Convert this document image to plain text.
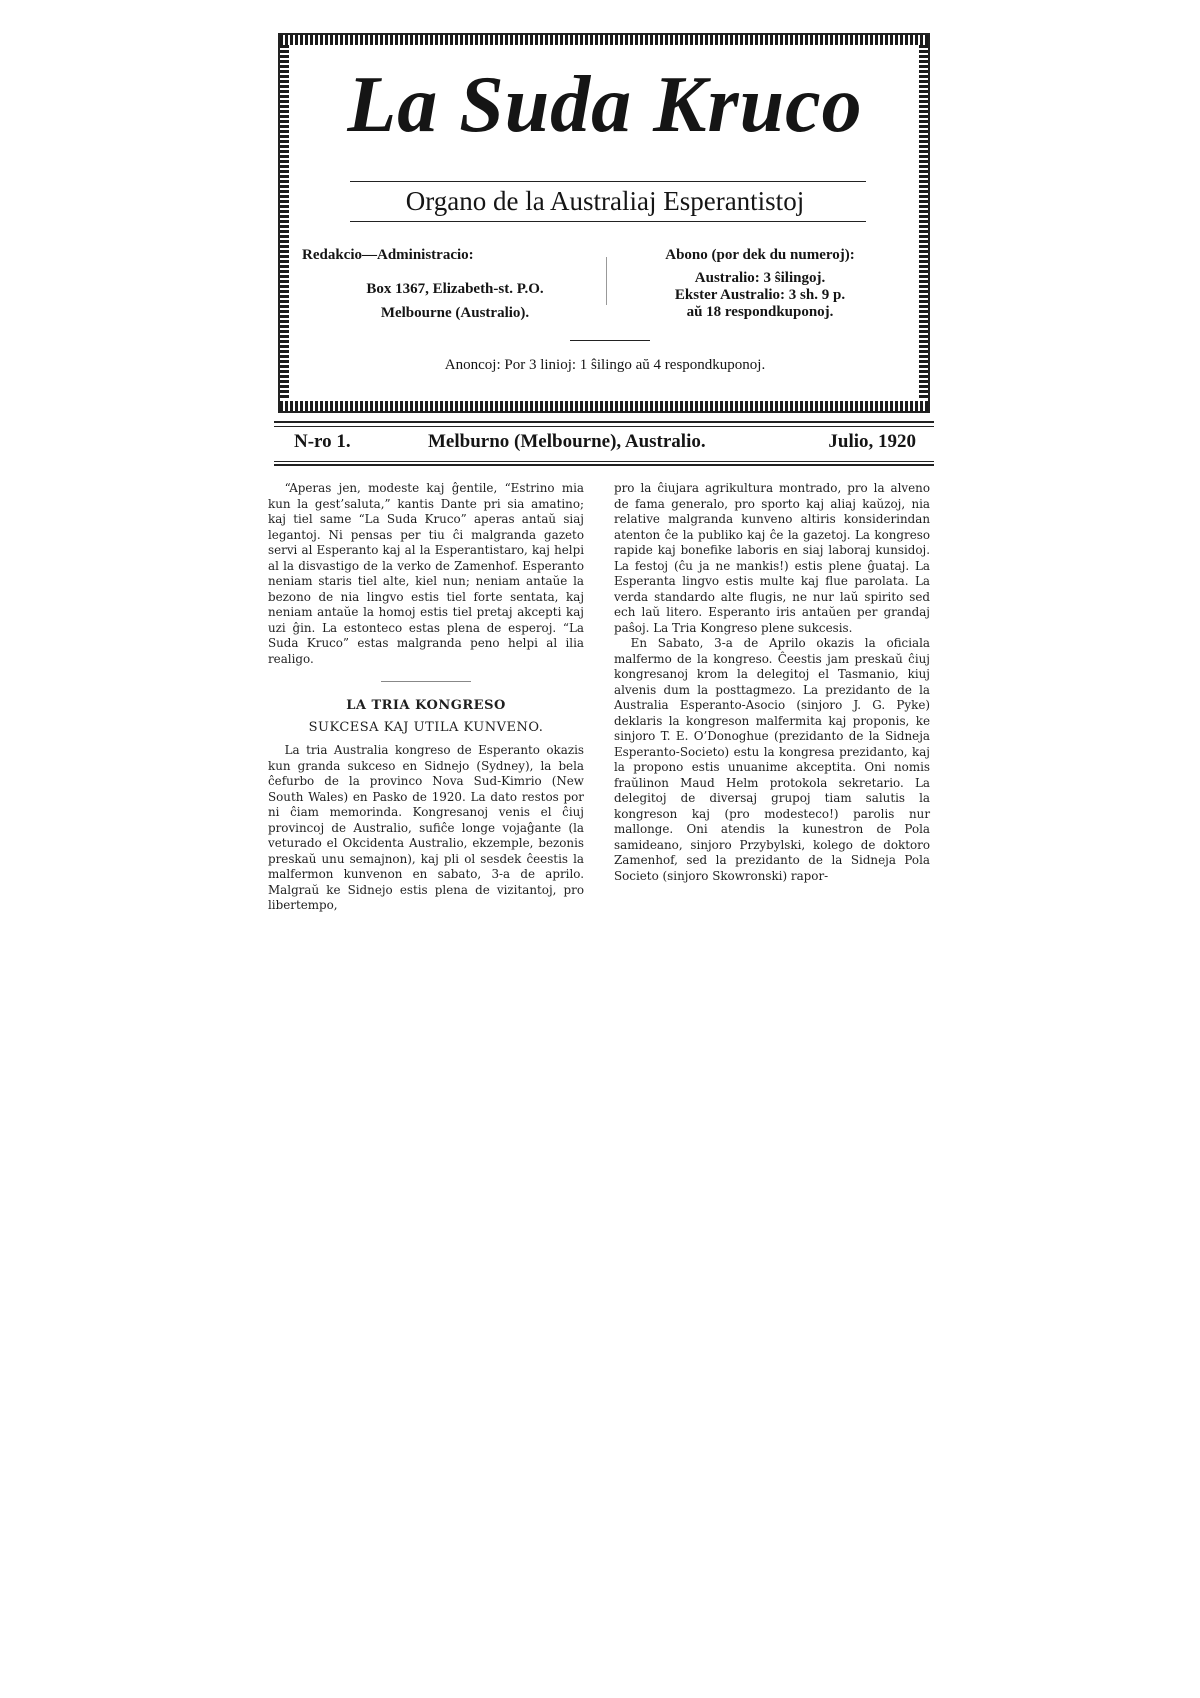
La Suda Kruco
Organo de la Australiaj Esperantistoj
Redakcio—Administracio:
Box 1367, Elizabeth-st. P.O.
Melbourne (Australio).
Abono (por dek du numeroj):
Australio: 3 ŝilingoj.
Ekster Australio: 3 sh. 9 p.
aŭ 18 respondkuponoj.
Anoncoj: Por 3 linioj: 1 ŝilingo aŭ 4 respondkuponoj.
N-ro 1.	Melburno (Melbourne), Australio.	Julio, 1920

“Aperas jen, modeste kaj ĝentile, “Estrino mia kun la gest’saluta,” kantis Dante pri sia amatino; kaj tiel same “La Suda Kruco” aperas antaŭ siaj legantoj. Ni pensas per tiu ĉi malgranda gazeto servi al Esperanto kaj al la Esperantistaro, kaj helpi al la disvastigo de la verko de Zamenhof. Esperanto neniam staris tiel alte, kiel nun; neniam antaŭe la bezono de nia lingvo estis tiel forte sentata, kaj neniam antaŭe la homoj estis tiel pretaj akcepti kaj uzi ĝin. La estonteco estas plena de esperoj. “La Suda Kruco” estas malgranda peno helpi al ilia realigo.

LA TRIA KONGRESO
SUKCESA KAJ UTILA KUNVENO.

La tria Australia kongreso de Esperanto okazis kun granda sukceso en Sidnejo (Sydney), la bela ĉefurbo de la provinco Nova Sud-Kimrio (New South Wales) en Pasko de 1920. La dato restos por ni ĉiam memorinda. Kongresanoj venis el ĉiuj provincoj de Australio, sufiĉe longe vojaĝante (la veturado el Okcidenta Australio, ekzemple, bezonis preskaŭ unu semajnon), kaj pli ol sesdek ĉeestis la malfermon kunvenon en sabato, 3-a de aprilo. Malgraŭ ke Sidnejo estis plena de vizitantoj, pro libertempo,

pro la ĉiujara agrikultura montrado, pro la alveno de fama generalo, pro sporto kaj aliaj kaŭzoj, nia relative malgranda kunveno altiris konsiderindan atenton ĉe la publiko kaj ĉe la gazetoj. La kongreso rapide kaj bonefike laboris en siaj laboraj kunsidoj. La festoj (ĉu ja ne mankis!) estis plene ĝuataj. La Esperanta lingvo estis multe kaj flue parolata. La verda standardo alte flugis, ne nur laŭ spirito sed ech laŭ litero. Esperanto iris antaŭen per grandaj paŝoj. La Tria Kongreso plene sukcesis.

En Sabato, 3-a de Aprilo okazis la oficiala malfermo de la kongreso. Ĉeestis jam preskaŭ ĉiuj kongresanoj krom la delegitoj el Tasmanio, kiuj alvenis dum la posttagmezo. La prezidanto de la Australia Esperanto-Asocio (sinjoro J. G. Pyke) deklaris la kongreson malfermita kaj proponis, ke sinjoro T. E. O’Donoghue (prezidanto de la Sidneja Esperanto-Societo) estu la kongresa prezidanto, kaj la propono estis unuanime akceptita. Oni nomis fraŭlinon Maud Helm protokola sekretario. La delegitoj de diversaj grupoj tiam salutis la kongreson kaj (pro modesteco!) parolis nur mallonge. Oni atendis la kunestron de Pola samideano, sinjoro Przybylski, kolego de doktoro Zamenhof, sed la prezidanto de la Sidneja Pola Societo (sinjoro Skowronski) rapor-
